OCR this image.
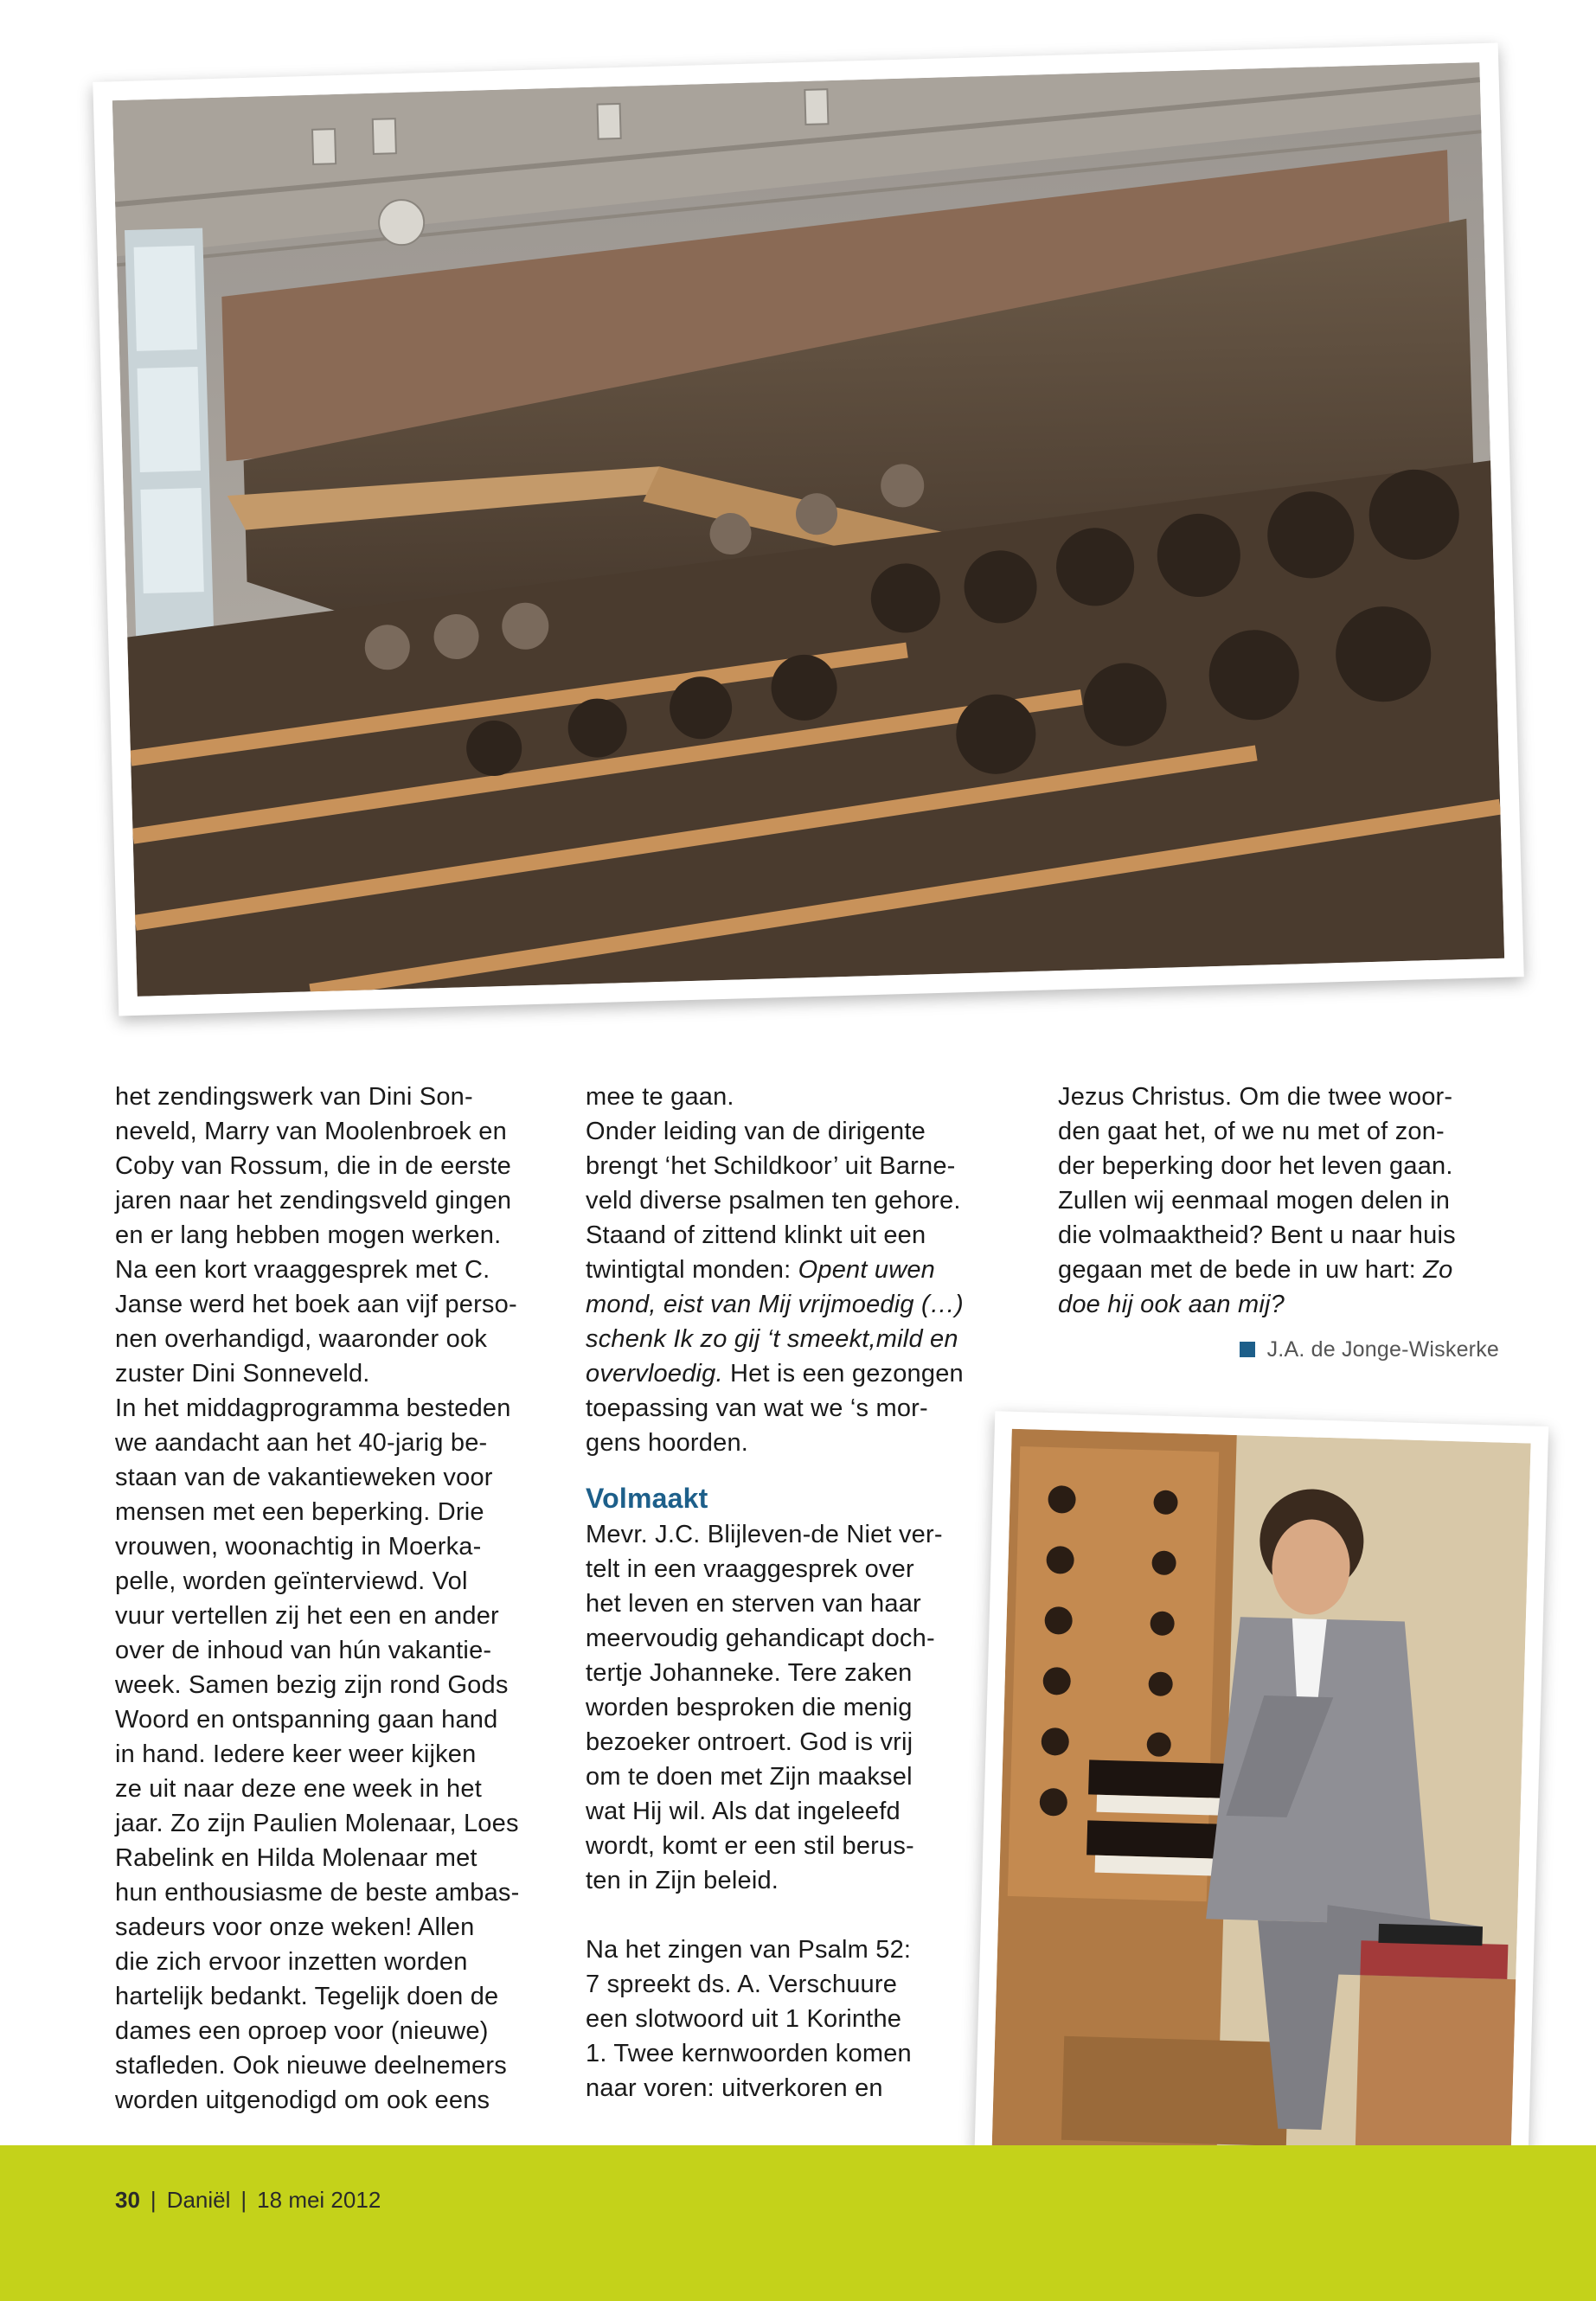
het zendingswerk van Dini Son-
neveld, Marry van Moolenbroek en
Coby van Rossum, die in de eerste
jaren naar het zendingsveld gingen
en er lang hebben mogen werken.
Na een kort vraaggesprek met C.
Janse werd het boek aan vijf perso-
nen overhandigd, waaronder ook
zuster Dini Sonneveld.

In het middagprogramma besteden
we aandacht aan het 40-jarig be-
staan van de vakantieweken voor
mensen met een beperking. Drie
vrouwen, woonachtig in Moerka-
pelle, worden geïnterviewd. Vol
vuur vertellen zij het een en ander
over de inhoud van hún vakantie-
week. Samen bezig zijn rond Gods
Woord en ontspanning gaan hand
in hand. Iedere keer weer kijken
ze uit naar deze ene week in het
jaar. Zo zijn Paulien Molenaar, Loes
Rabelink en Hilda Molenaar met
hun enthousiasme de beste ambas-
sadeurs voor onze weken! Allen
die zich ervoor inzetten worden
hartelijk bedankt. Tegelijk doen de
dames een oproep voor (nieuwe)
stafleden. Ook nieuwe deelnemers
worden uitgenodigd om ook eens

mee te gaan.

Onder leiding van de dirigente
brengt ‘het Schildkoor’ uit Barne-
veld diverse psalmen ten gehore.
Staand of zittend klinkt uit een
twintigtal monden: Opent uwen
mond, eist van Mij vrijmoedig (…)
schenk Ik zo gij ‘t smeekt,mild en
overvloedig. Het is een gezongen
toepassing van wat we ‘s mor-
gens hoorden.

Volmaakt

Mevr. J.C. Blijleven-de Niet ver-
telt in een vraaggesprek over
het leven en sterven van haar
meervoudig gehandicapt doch-
tertje Johanneke. Tere zaken
worden besproken die menig
bezoeker ontroert. God is vrij
om te doen met Zijn maaksel
wat Hij wil. Als dat ingeleefd
wordt, komt er een stil berus-
ten in Zijn beleid.

Na het zingen van Psalm 52:
7 spreekt ds. A. Verschuure
een slotwoord uit 1 Korinthe
1. Twee kernwoorden komen
naar voren: uitverkoren en

Jezus Christus. Om die twee woor-
den gaat het, of we nu met of zon-
der beperking door het leven gaan.
Zullen wij eenmaal mogen delen in
die volmaaktheid? Bent u naar huis
gegaan met de bede in uw hart: Zo
doe hij ook aan mij?

J.A. de Jonge-Wiskerke
30 | Daniël | 18 mei 2012
